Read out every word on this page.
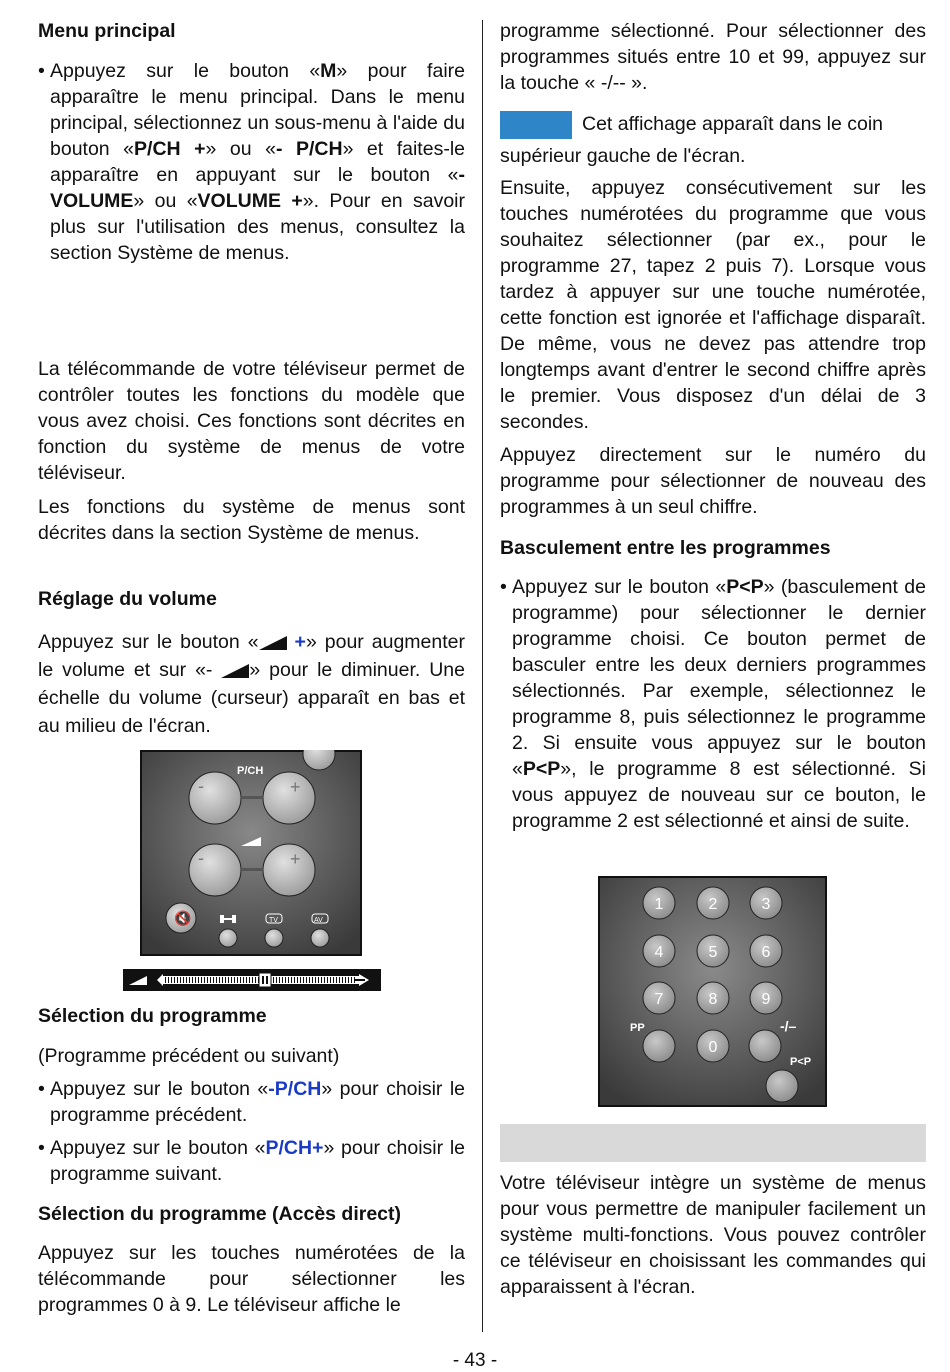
Menu principal
• Appuyez sur le bouton «M» pour faire apparaître le menu principal. Dans le menu principal, sélectionnez un sous-menu à l'aide du bouton «P/CH +» ou «- P/CH» et faites-le apparaître en appuyant sur le bouton «- VOLUME» ou «VOLUME +». Pour en savoir plus sur l'utilisation des menus, consultez la section Système de menus.

La télécommande de votre téléviseur permet de contrôler toutes les fonctions du modèle que vous avez choisi. Ces fonctions sont décrites en fonction du système de menus de votre téléviseur.

Les fonctions du système de menus sont décrites dans la section Système de menus.

Réglage du volume

Appuyez sur le bouton « +» pour augmenter le volume et sur «- » pour le diminuer. Une échelle du volume (curseur) apparaît en bas et au milieu de l'écran.

Sélection du programme
(Programme précédent ou suivant)
• Appuyez sur le bouton «-P/CH» pour choisir le programme précédent.
• Appuyez sur le bouton «P/CH+» pour choisir le programme suivant.
Sélection du programme (Accès direct)

Appuyez sur les touches numérotées de la télécommande pour sélectionner les programmes 0 à 9. Le téléviseur affiche le

P/CH
-	+
-	+
🔇	TV	AV

programme sélectionné. Pour sélectionner des programmes situés entre 10 et 99, appuyez sur la touche « -/-- ».

Cet affichage apparaît dans le coin
supérieur gauche de l'écran.

Ensuite, appuyez consécutivement sur les touches numérotées du programme que vous souhaitez sélectionner (par ex., pour le programme 27, tapez 2 puis 7). Lorsque vous tardez à appuyer sur une touche numérotée, cette fonction est ignorée et l'affichage disparaît. De même, vous ne devez pas attendre trop longtemps avant d'entrer le second chiffre après le premier. Vous disposez d'un délai de 3 secondes.

Appuyez directement sur le numéro du programme pour sélectionner de nouveau des programmes à un seul chiffre.

Basculement entre les programmes
• Appuyez sur le bouton «P<P» (basculement de programme) pour sélectionner le dernier programme choisi. Ce bouton permet de basculer entre les deux derniers programmes sélectionnés. Par exemple, sélectionnez le programme 8, puis sélectionnez le programme 2. Si ensuite vous appuyez sur le bouton «P<P», le programme 8 est sélectionné. Si vous appuyez de nouveau sur ce bouton, le programme 2 est sélectionné et ainsi de suite.

Votre téléviseur intègre un système de menus pour vous permettre de manipuler facilement un système multi-fonctions. Vous pouvez contrôler ce téléviseur en choisissant les commandes qui apparaissent à l'écran.

1	2	3
4	5	6
7	8	9
0
PP	-/–
P<P
- 43 -
